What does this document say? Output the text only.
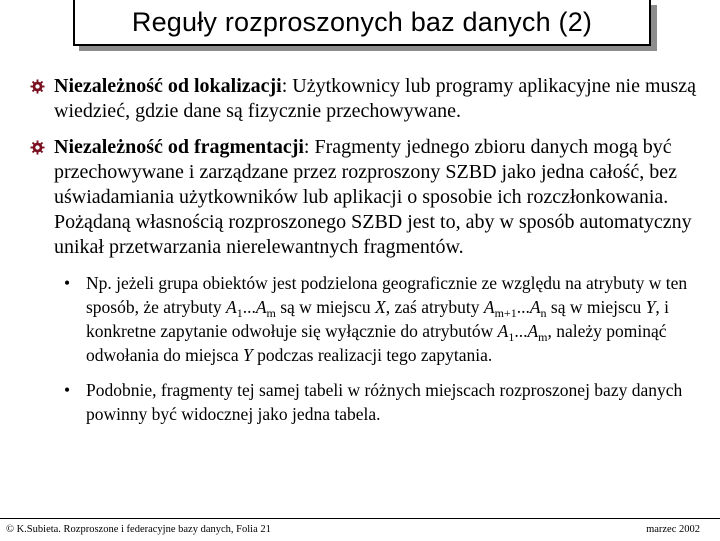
Reguły rozproszonych baz danych (2)
Niezależność od lokalizacji: Użytkownicy lub programy aplikacyjne nie muszą wiedzieć, gdzie dane są fizycznie przechowywane.
Niezależność od fragmentacji: Fragmenty jednego zbioru danych mogą być przechowywane i zarządzane przez rozproszony SZBD jako jedna całość, bez uświadamiania użytkowników lub aplikacji o sposobie ich rozczłonkowania. Pożądaną własnością rozproszonego SZBD jest to, aby w sposób automatyczny unikał przetwarzania nierelewantnych fragmentów.
• Np. jeżeli grupa obiektów jest podzielona geograficznie ze względu na atrybuty w ten sposób, że atrybuty $A_1...A_m$ są w miejscu X, zaś atrybuty $A_{m+1}...A_n$ są w miejscu Y, i konkretne zapytanie odwołuje się wyłącznie do atrybutów $A_1...A_m$, należy pominąć odwołania do miejsca Y podczas realizacji tego zapytania.
• Podobnie, fragmenty tej samej tabeli w różnych miejscach rozproszonej bazy danych powinny być widocznej jako jedna tabela.
© K.Subieta. Rozproszone i federacyjne bazy danych, Folia 21	marzec 2002
